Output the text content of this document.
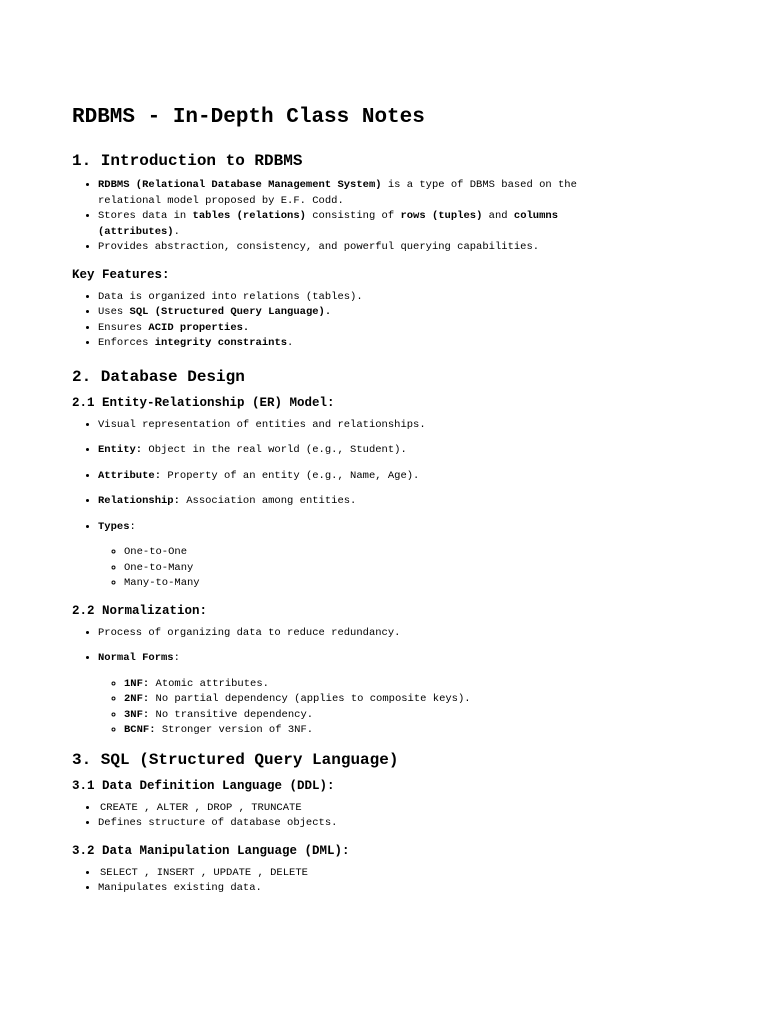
RDBMS - In-Depth Class Notes
1. Introduction to RDBMS
• RDBMS (Relational Database Management System) is a type of DBMS based on the relational model proposed by E.F. Codd.
• Stores data in tables (relations) consisting of rows (tuples) and columns (attributes).
• Provides abstraction, consistency, and powerful querying capabilities.
Key Features:
• Data is organized into relations (tables).
• Uses SQL (Structured Query Language).
• Ensures ACID properties.
• Enforces integrity constraints.
2. Database Design
2.1 Entity-Relationship (ER) Model:
• Visual representation of entities and relationships.
• Entity: Object in the real world (e.g., Student).
• Attribute: Property of an entity (e.g., Name, Age).
• Relationship: Association among entities.
• Types:
◦ One-to-One
◦ One-to-Many
◦ Many-to-Many
2.2 Normalization:
• Process of organizing data to reduce redundancy.
• Normal Forms:
◦ 1NF: Atomic attributes.
◦ 2NF: No partial dependency (applies to composite keys).
◦ 3NF: No transitive dependency.
◦ BCNF: Stronger version of 3NF.
3. SQL (Structured Query Language)
3.1 Data Definition Language (DDL):
• CREATE , ALTER , DROP , TRUNCATE
• Defines structure of database objects.
3.2 Data Manipulation Language (DML):
• SELECT , INSERT , UPDATE , DELETE
• Manipulates existing data.
